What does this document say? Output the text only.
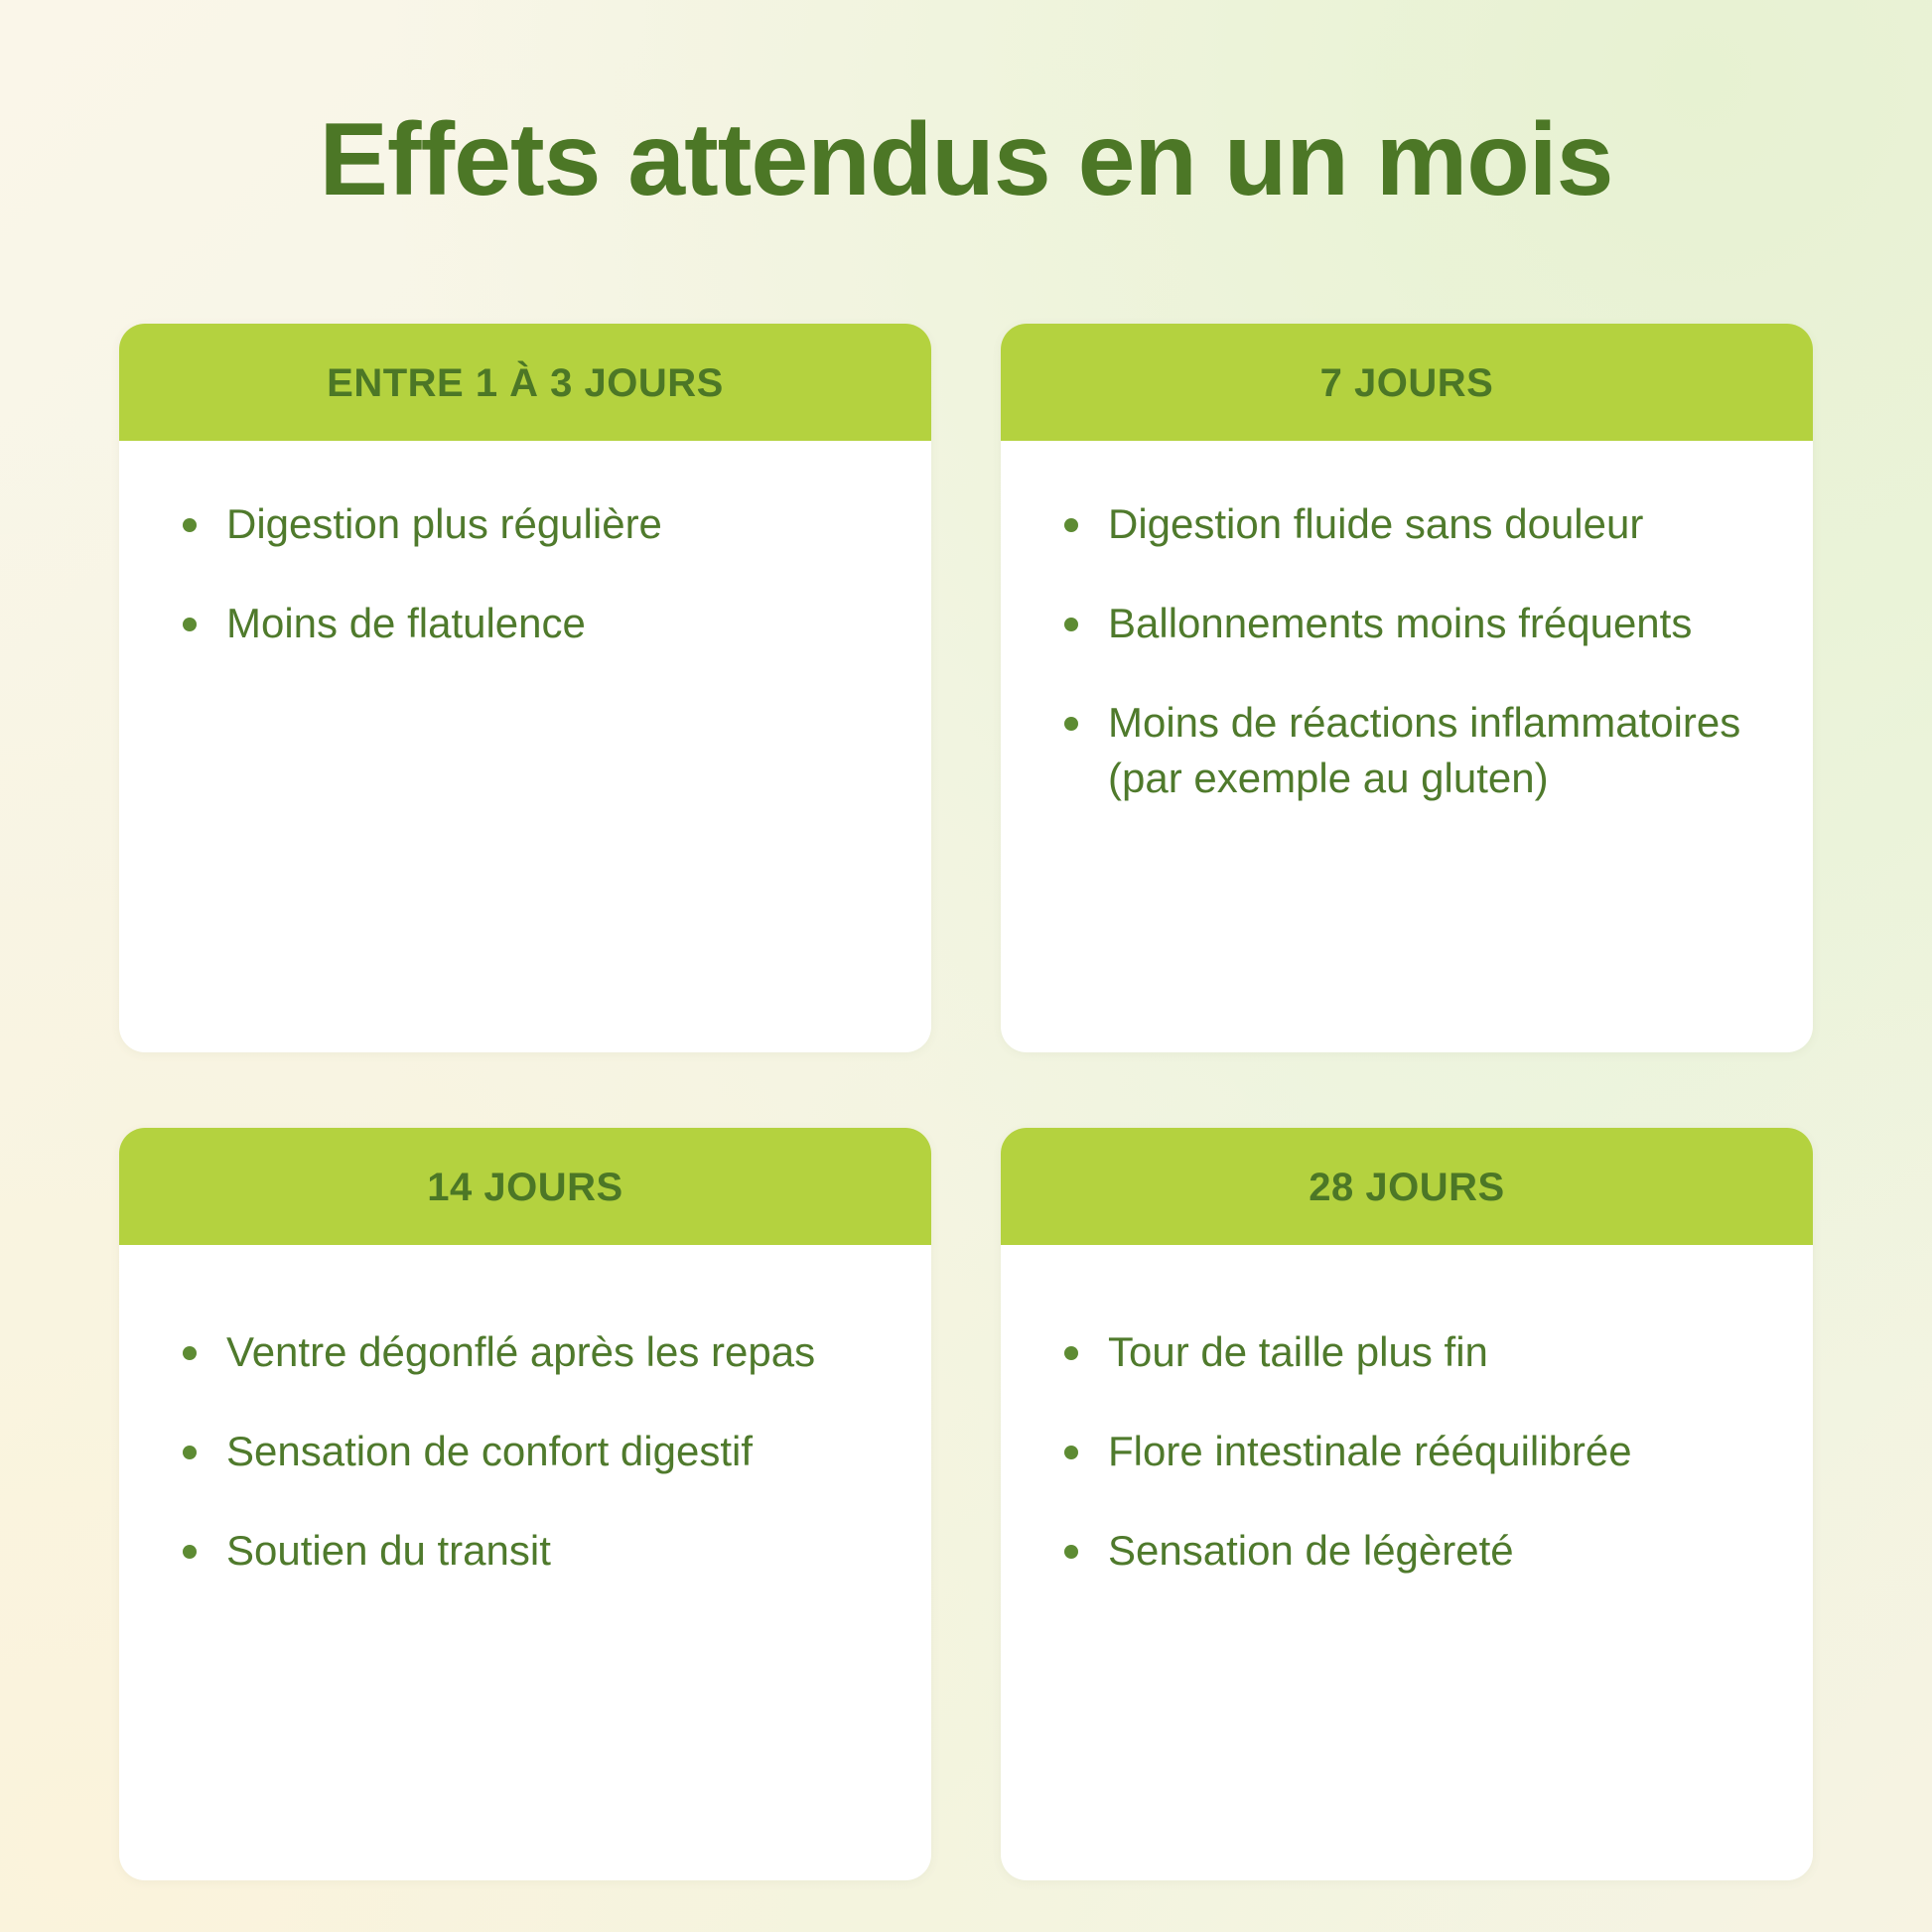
Effets attendus en un mois
ENTRE 1 À 3 JOURS
Digestion plus régulière
Moins de flatulence
7 JOURS
Digestion fluide sans douleur
Ballonnements moins fréquents
Moins de réactions inflammatoires (par exemple au gluten)
14 JOURS
Ventre dégonflé après les repas
Sensation de confort digestif
Soutien du transit
28 JOURS
Tour de taille plus fin
Flore intestinale rééquilibrée
Sensation de légèreté
